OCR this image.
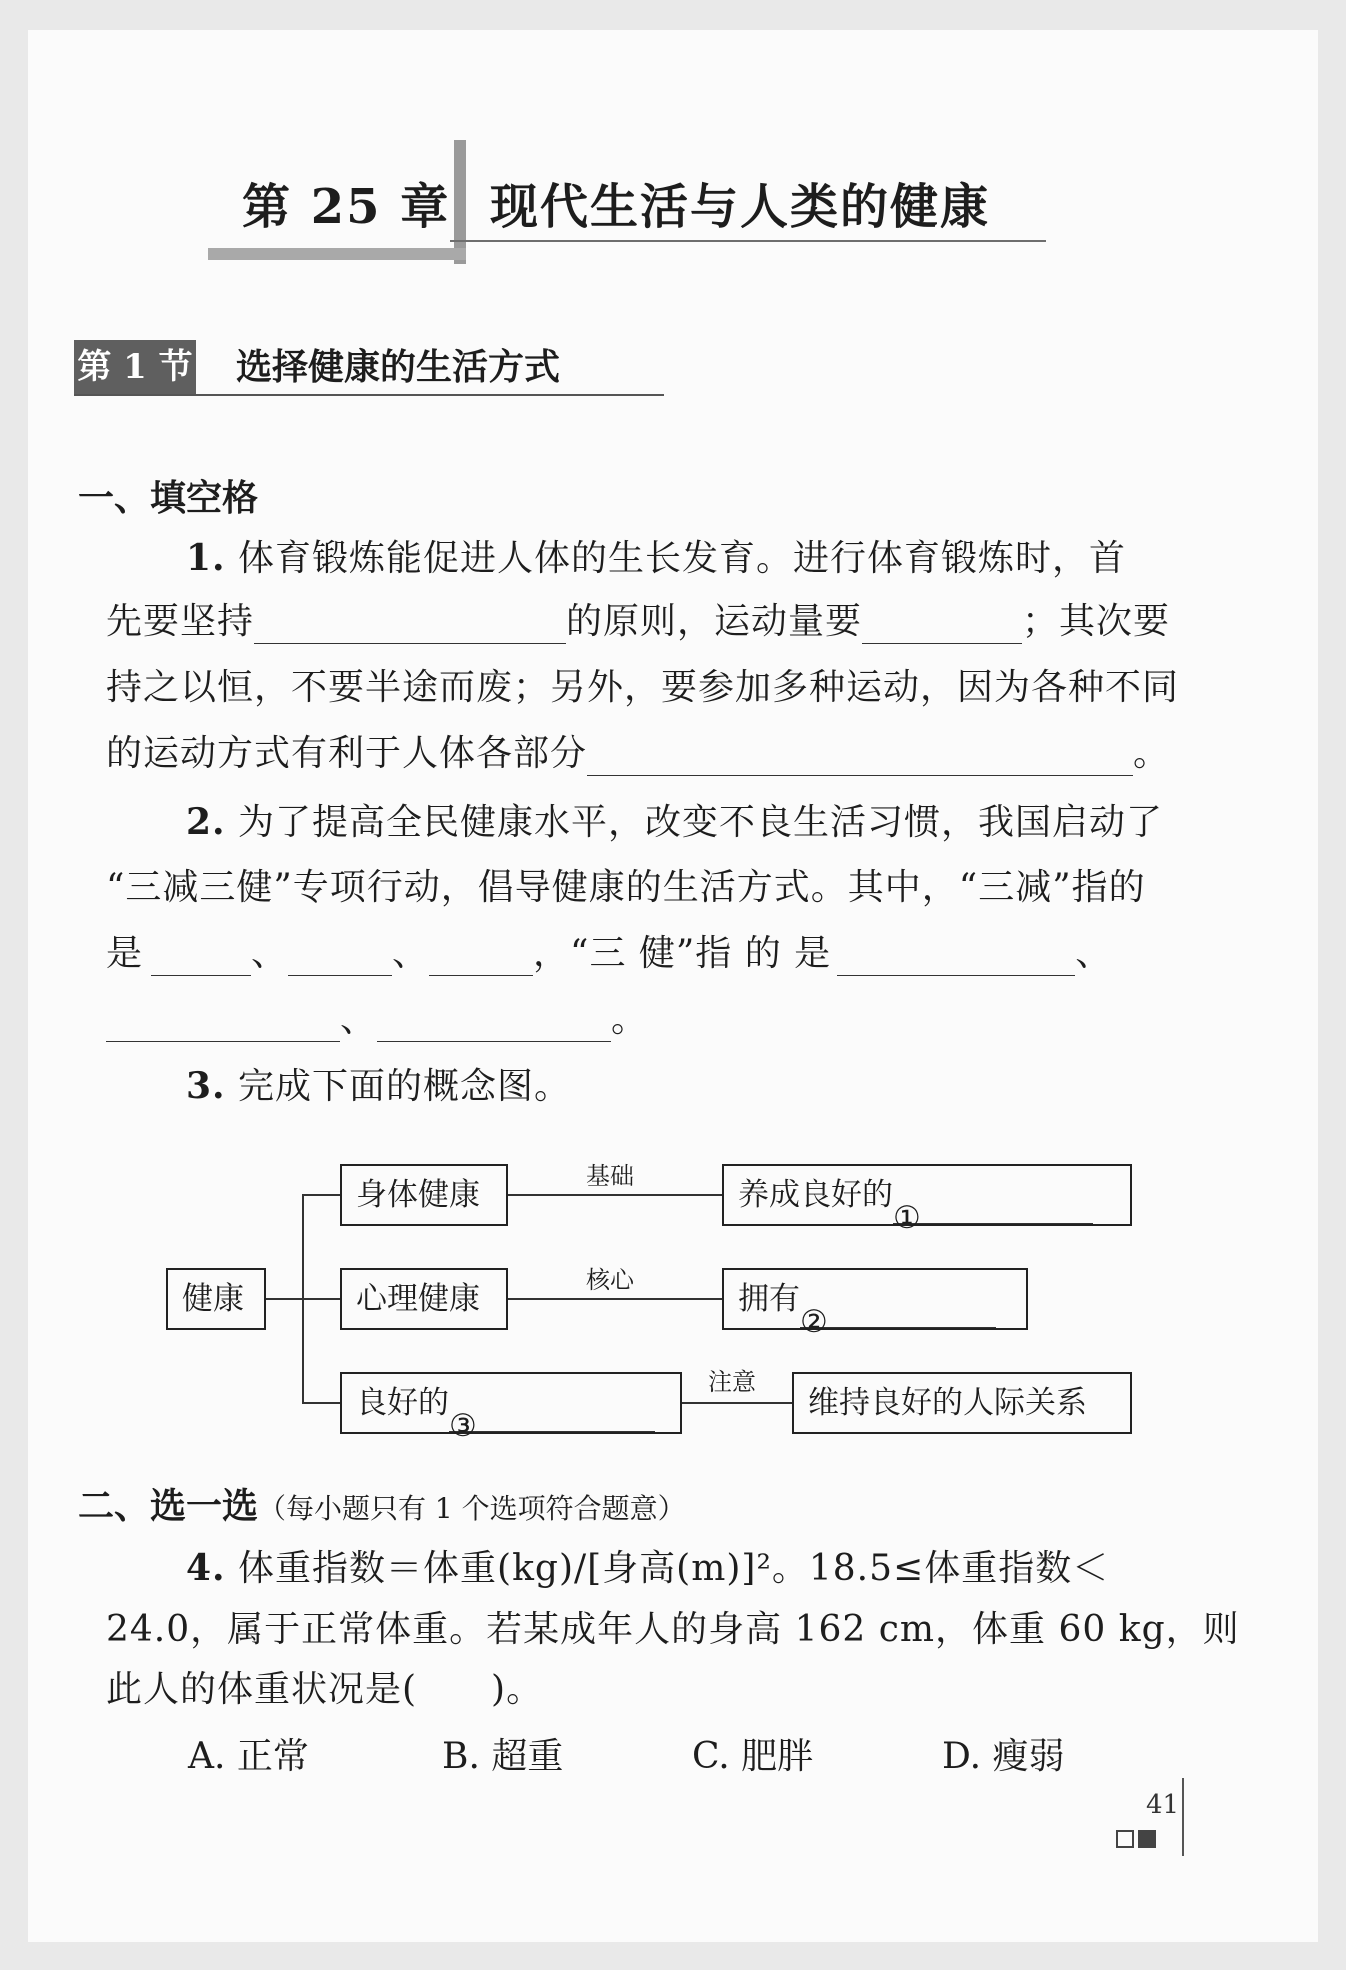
第 25 章 现代生活与人类的健康
第 1 节 选择健康的生活方式
一、填空格
1. 体育锻炼能促进人体的生长发育。进行体育锻炼时，首
先要坚持	的原则，运动量要	；其次要
持之以恒，不要半途而废；另外，要参加多种运动，因为各种不同
的运动方式有利于人体各部分	。
2. 为了提高全民健康水平，改变不良生活习惯，我国启动了
“三减三健”专项行动，倡导健康的生活方式。其中，“三减”指的
是	、	、	，“三 健”指 的 是	、
、	。
3. 完成下面的概念图。
健康
身体健康
心理健康
良好的③
基础
核心
注意
养成良好的①
拥有②
维持良好的人际关系
二、选一选（每小题只有 1 个选项符合题意）
4. 体重指数＝体重(kg)/[身高(m)]²。18.5≤体重指数＜
24.0，属于正常体重。若某成年人的身高 162 cm，体重 60 kg，则
此人的体重状况是(　　)。
A. 正常	B. 超重	C. 肥胖	D. 瘦弱
41
